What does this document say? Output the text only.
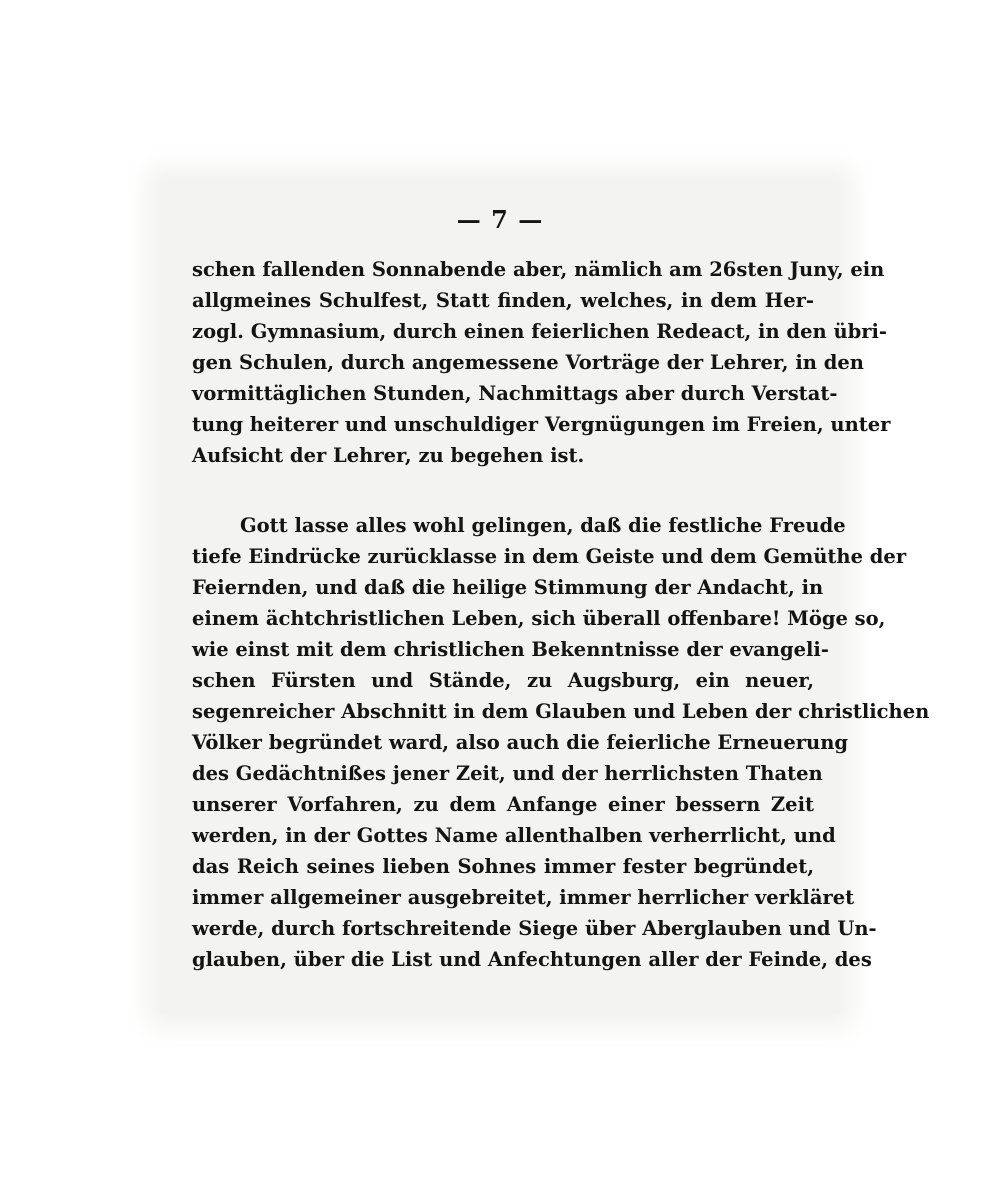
— 7 —
schen fallenden Sonnabende aber, nämlich am 26sten Juny, ein
allgmeines Schulfest, Statt finden, welches, in dem Her-
zogl. Gymnasium, durch einen feierlichen Redeact, in den übri-
gen Schulen, durch angemessene Vorträge der Lehrer, in den
vormittäglichen Stunden, Nachmittags aber durch Verstat-
tung heiterer und unschuldiger Vergnügungen im Freien, unter
Aufsicht der Lehrer, zu begehen ist.
Gott lasse alles wohl gelingen, daß die festliche Freude
tiefe Eindrücke zurücklasse in dem Geiste und dem Gemüthe der
Feiernden, und daß die heilige Stimmung der Andacht, in
einem ächtchristlichen Leben, sich überall offenbare! Möge so,
wie einst mit dem christlichen Bekenntnisse der evangeli-
schen Fürsten und Stände, zu Augsburg, ein neuer,
segenreicher Abschnitt in dem Glauben und Leben der christlichen
Völker begründet ward, also auch die feierliche Erneuerung
des Gedächtnißes jener Zeit, und der herrlichsten Thaten
unserer Vorfahren, zu dem Anfange einer bessern Zeit
werden, in der Gottes Name allenthalben verherrlicht, und
das Reich seines lieben Sohnes immer fester begründet,
immer allgemeiner ausgebreitet, immer herrlicher verkläret
werde, durch fortschreitende Siege über Aberglauben und Un-
glauben, über die List und Anfechtungen aller der Feinde, des
